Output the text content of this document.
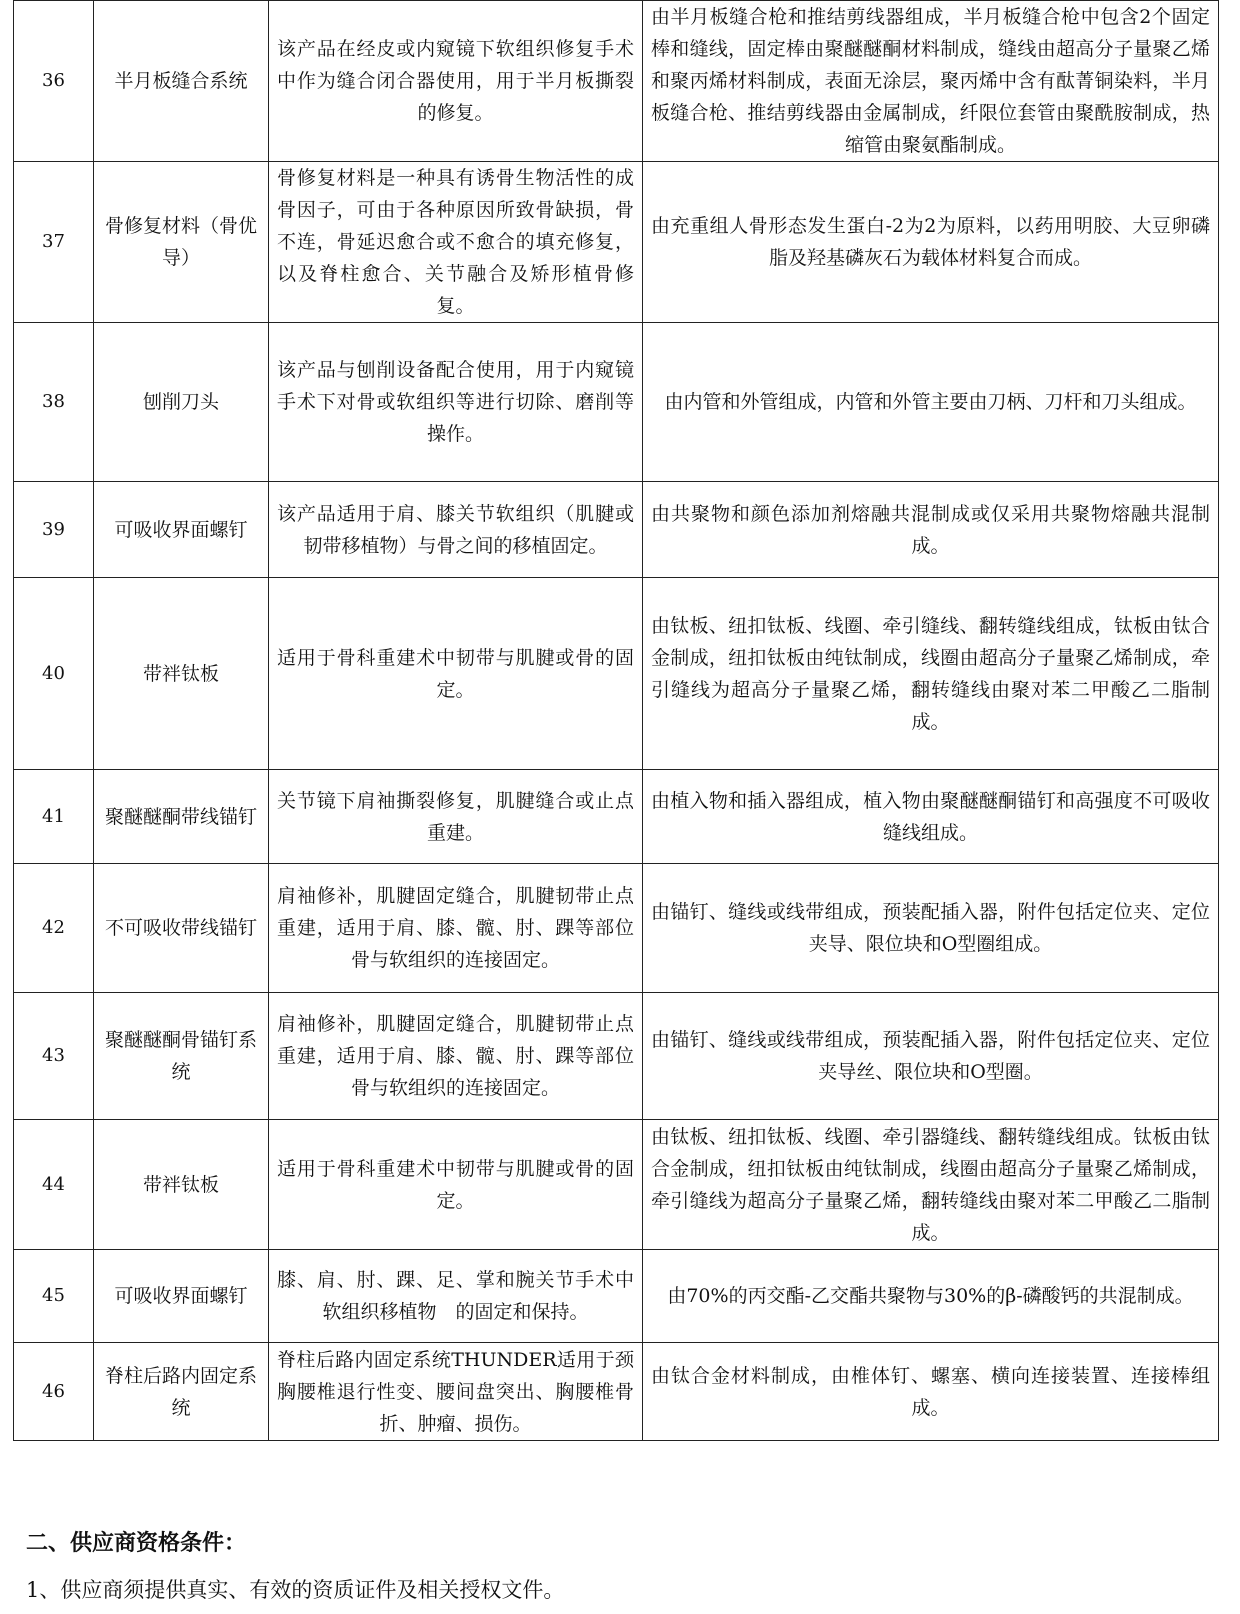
36	半月板缝合系统	该产品在经皮或内窥镜下软组织修复手术中作为缝合闭合器使用，用于半月板撕裂的修复。	由半月板缝合枪和推结剪线器组成，半月板缝合枪中包含2个固定棒和缝线，固定棒由聚醚醚酮材料制成，缝线由超高分子量聚乙烯 和聚丙烯材料制成，表面无涂层，聚丙烯中含有酞菁铜染料，半月板缝合枪、推结剪线器由金属制成，纤限位套管由聚酰胺制成，热缩管由聚氨酯制成。
37	骨修复材料（骨优导）	骨修复材料是一种具有诱骨生物活性的成骨因子，可由于各种原因所致骨缺损，骨不连，骨延迟愈合或不愈合的填充修复，以及脊柱愈合、关节融合及矫形植骨修复。	由充重组人骨形态发生蛋白-2为2为原料，以药用明胶、大豆卵磷脂及羟基磷灰石为载体材料复合而成。
38	刨削刀头	该产品与刨削设备配合使用，用于内窥镜手术下对骨或软组织等进行切除、磨削等操作。	由内管和外管组成，内管和外管主要由刀柄、刀杆和刀头组成。
39	可吸收界面螺钉	该产品适用于肩、膝关节软组织（肌腱或韧带移植物）与骨之间的移植固定。	由共聚物和颜色添加剂熔融共混制成或仅采用共聚物熔融共混制成。
40	带袢钛板	适用于骨科重建术中韧带与肌腱或骨的固定。	由钛板、纽扣钛板、线圈、牵引缝线、翻转缝线组成，钛板由钛合金制成，纽扣钛板由纯钛制成，线圈由超高分子量聚乙烯制成，牵引缝线为超高分子量聚乙烯，翻转缝线由聚对苯二甲酸乙二脂制成。
41	聚醚醚酮带线锚钉	关节镜下肩袖撕裂修复，肌腱缝合或止点重建。	由植入物和插入器组成，植入物由聚醚醚酮锚钉和高强度不可吸收缝线组成。
42	不可吸收带线锚钉	肩袖修补，肌腱固定缝合，肌腱韧带止点重建，适用于肩、膝、髋、肘、踝等部位骨与软组织的连接固定。	由锚钉、缝线或线带组成，预装配插入器，附件包括定位夹、定位夹导、限位块和O型圈组成。
43	聚醚醚酮骨锚钉系统	肩袖修补，肌腱固定缝合，肌腱韧带止点重建，适用于肩、膝、髋、肘、踝等部位骨与软组织的连接固定。	由锚钉、缝线或线带组成，预装配插入器，附件包括定位夹、定位夹导丝、限位块和O型圈。
44	带袢钛板	适用于骨科重建术中韧带与肌腱或骨的固定。	由钛板、纽扣钛板、线圈、牵引器缝线、翻转缝线组成。钛板由钛合金制成，纽扣钛板由纯钛制成，线圈由超高分子量聚乙烯制成，牵引缝线为超高分子量聚乙烯，翻转缝线由聚对苯二甲酸乙二脂制成。
45	可吸收界面螺钉	膝、肩、肘、踝、足、掌和腕关节手术中软组织移植物　的固定和保持。	由70%的丙交酯-乙交酯共聚物与30%的β-磷酸钙的共混制成。
46	脊柱后路内固定系统	脊柱后路内固定系统THUNDER适用于颈胸腰椎退行性变、腰间盘突出、胸腰椎骨折、肿瘤、损伤。	由钛合金材料制成，由椎体钉、螺塞、横向连接装置、连接棒组成。
二、供应商资格条件：
1、供应商须提供真实、有效的资质证件及相关授权文件。
